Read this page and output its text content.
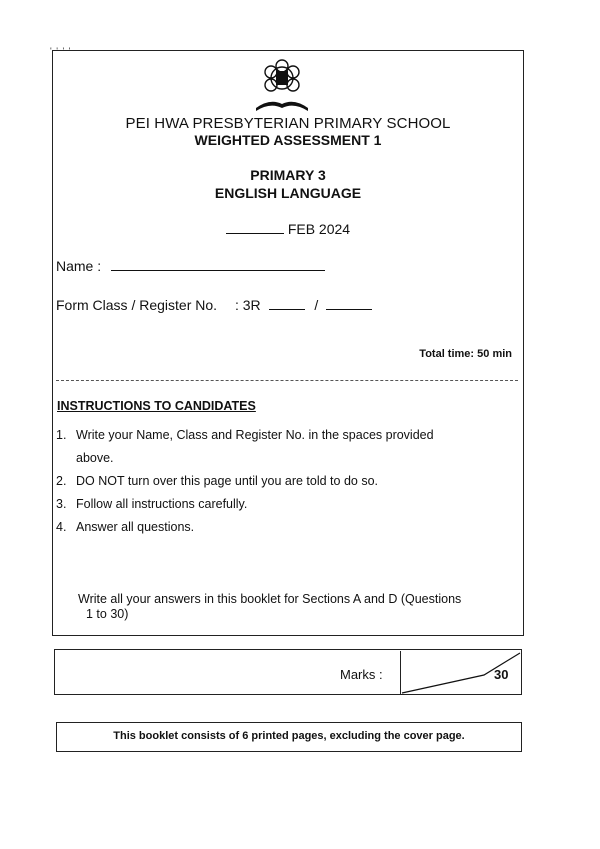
' ' ' '
PEI HWA PRESBYTERIAN PRIMARY SCHOOL
WEIGHTED ASSESSMENT 1
PRIMARY 3
ENGLISH LANGUAGE
FEB 2024
Name :
Form Class / Register No. : 3R	/
Total time: 50 min
INSTRUCTIONS TO CANDIDATES
1. Write your Name, Class and Register No. in the spaces provided
above.
2. DO NOT turn over this page until you are told to do so.
3. Follow all instructions carefully.
4. Answer all questions.
Write all your answers in this booklet for Sections A and D (Questions
1 to 30)
Marks :	30
This booklet consists of 6 printed pages, excluding the cover page.
